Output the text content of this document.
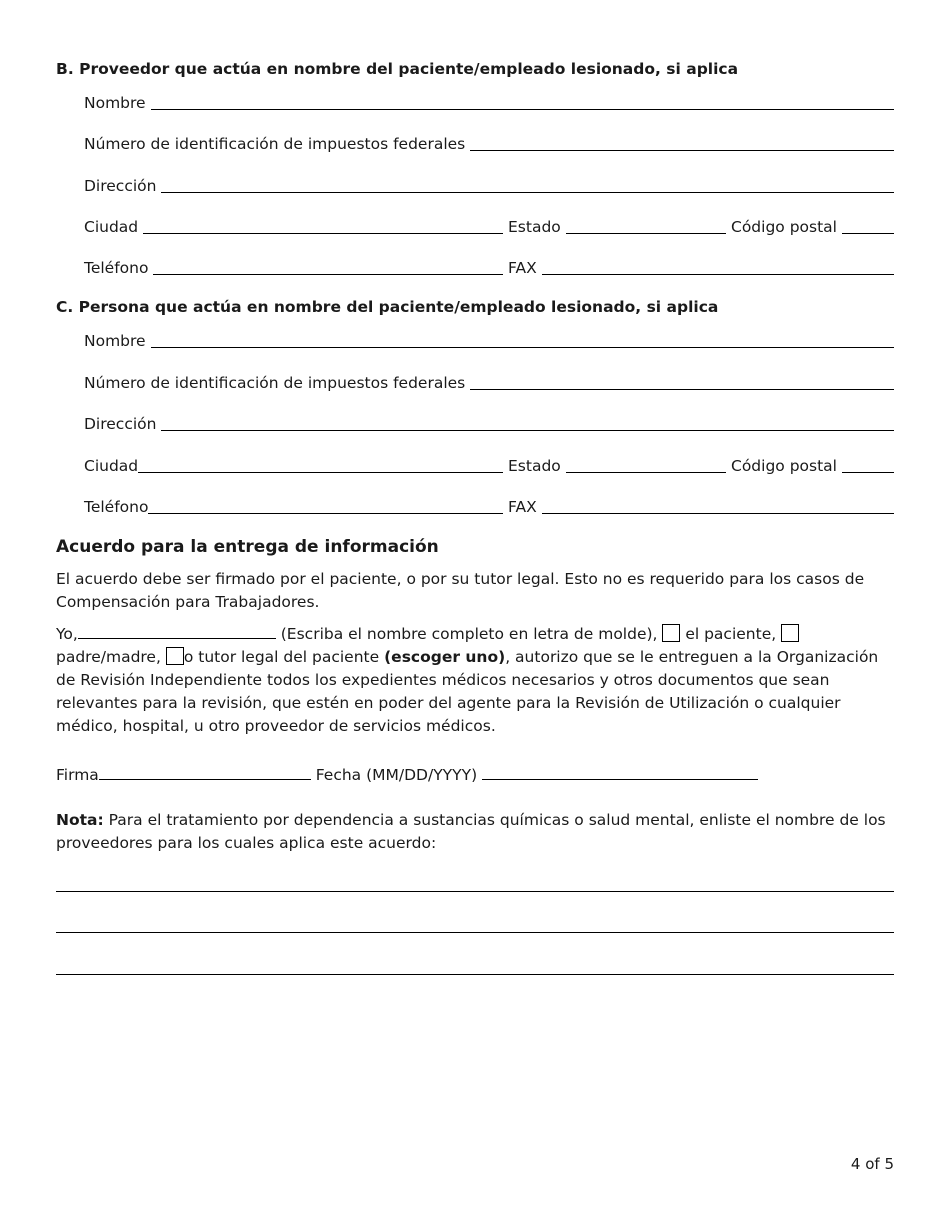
B. Proveedor que actúa en nombre del paciente/empleado lesionado, si aplica
Nombre
Número de identificación de impuestos federales
Dirección
Ciudad	Estado	Código postal
Teléfono	FAX
C. Persona que actúa en nombre del paciente/empleado lesionado, si aplica
Nombre
Número de identificación de impuestos federales
Dirección
Ciudad	Estado	Código postal
Teléfono	FAX
Acuerdo para la entrega de información
El acuerdo debe ser firmado por el paciente, o por su tutor legal. Esto no es requerido para los casos de Compensación para Trabajadores.
Yo,	(Escriba el nombre completo en letra de molde),  el paciente,
padre/madre, o tutor legal del paciente (escoger uno), autorizo que se le entreguen a la Organización de Revisión Independiente todos los expedientes médicos necesarios y otros documentos que sean relevantes para la revisión, que estén en poder del agente para la Revisión de Utilización o cualquier médico, hospital, u otro proveedor de servicios médicos.
Firma	Fecha (MM/DD/YYYY)
Nota: Para el tratamiento por dependencia a sustancias químicas o salud mental, enliste el nombre de los proveedores para los cuales aplica este acuerdo:
4 of 5
